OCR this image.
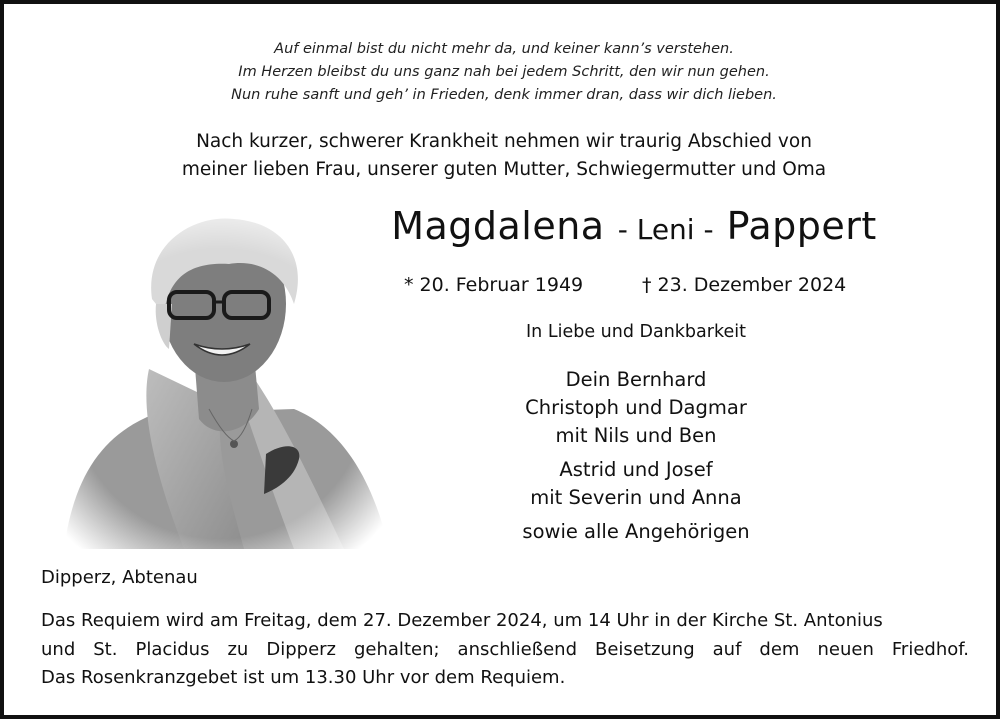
Auf einmal bist du nicht mehr da, und keiner kann’s verstehen.
Im Herzen bleibst du uns ganz nah bei jedem Schritt, den wir nun gehen.
Nun ruhe sanft und geh’ in Frieden, denk immer dran, dass wir dich lieben.
Nach kurzer, schwerer Krankheit nehmen wir traurig Abschied von
meiner lieben Frau, unserer guten Mutter, Schwiegermutter und Oma
Magdalena - Leni - Pappert
* 20. Februar 1949	† 23. Dezember 2024
In Liebe und Dankbarkeit
Dein Bernhard
Christoph und Dagmar
mit Nils und Ben
Astrid und Josef
mit Severin und Anna
sowie alle Angehörigen
Dipperz, Abtenau
Das Requiem wird am Freitag, dem 27. Dezember 2024, um 14 Uhr in der Kirche St. Antonius
und St. Placidus zu Dipperz gehalten; anschließend Beisetzung auf dem neuen Friedhof.
Das Rosenkranzgebet ist um 13.30 Uhr vor dem Requiem.
